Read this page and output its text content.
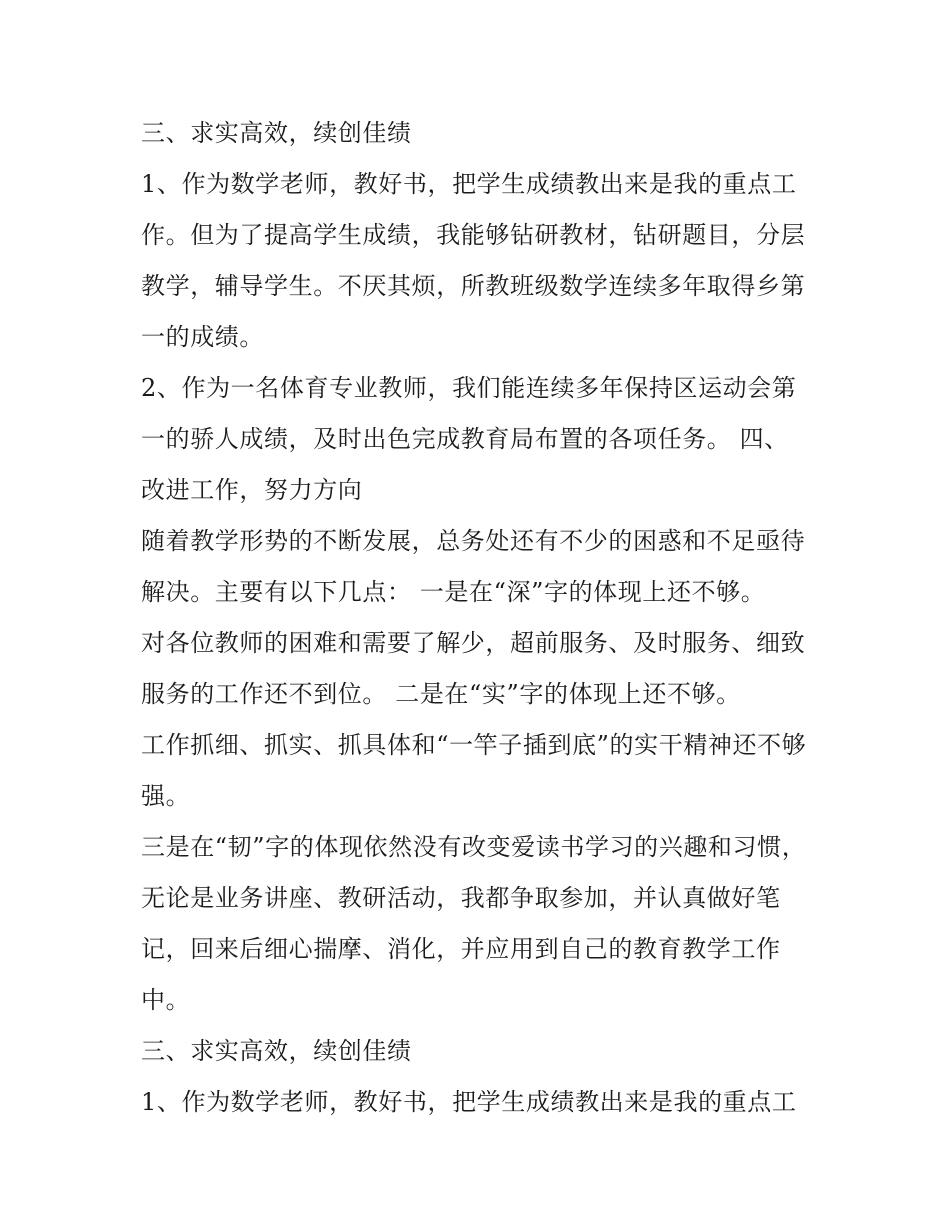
三、求实高效，续创佳绩
1、作为数学老师，教好书，把学生成绩教出来是我的重点工
作。但为了提高学生成绩，我能够钻研教材，钻研题目，分层
教学，辅导学生。不厌其烦，所教班级数学连续多年取得乡第
一的成绩。
2、作为一名体育专业教师，我们能连续多年保持区运动会第
一的骄人成绩，及时出色完成教育局布置的各项任务。 四、
改进工作，努力方向
随着教学形势的不断发展，总务处还有不少的困惑和不足亟待
解决。主要有以下几点： 一是在“深”字的体现上还不够。
对各位教师的困难和需要了解少，超前服务、及时服务、细致
服务的工作还不到位。 二是在“实”字的体现上还不够。
工作抓细、抓实、抓具体和“一竿子插到底”的实干精神还不够
强。
三是在“韧”字的体现依然没有改变爱读书学习的兴趣和习惯，
无论是业务讲座、教研活动，我都争取参加，并认真做好笔
记，回来后细心揣摩、消化，并应用到自己的教育教学工作
中。
三、求实高效，续创佳绩
1、作为数学老师，教好书，把学生成绩教出来是我的重点工
